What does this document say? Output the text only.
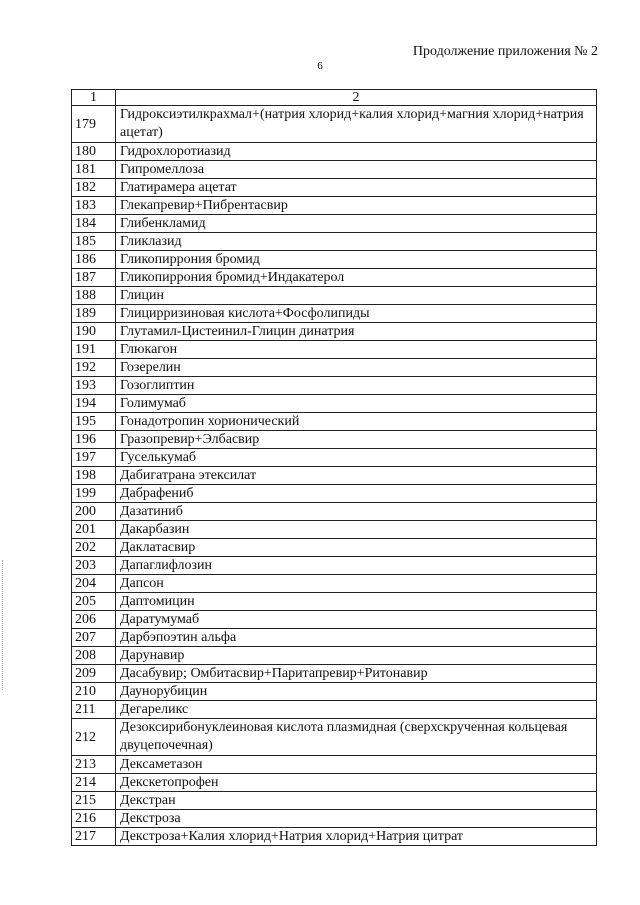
Продолжение приложения № 2
6
1	2
179	Гидроксиэтилкрахмал+(натрия хлорид+калия хлорид+магния хлорид+натрия ацетат)
180	Гидрохлоротиазид
181	Гипромеллоза
182	Глатирамера ацетат
183	Глекапревир+Пибрентасвир
184	Глибенкламид
185	Гликлазид
186	Гликопиррония бромид
187	Гликопиррония бромид+Индакатерол
188	Глицин
189	Глицирризиновая кислота+Фосфолипиды
190	Глутамил-Цистеинил-Глицин динатрия
191	Глюкагон
192	Гозерелин
193	Гозоглиптин
194	Голимумаб
195	Гонадотропин хорионический
196	Гразопревир+Элбасвир
197	Гуселькумаб
198	Дабигатрана этексилат
199	Дабрафениб
200	Дазатиниб
201	Дакарбазин
202	Даклатасвир
203	Дапаглифлозин
204	Дапсон
205	Даптомицин
206	Даратумумаб
207	Дарбэпоэтин альфа
208	Дарунавир
209	Дасабувир; Омбитасвир+Паритапревир+Ритонавир
210	Даунорубицин
211	Дегареликс
212	Дезоксирибонуклеиновая кислота плазмидная (сверхскрученная кольцевая двуцепочечная)
213	Дексаметазон
214	Декскетопрофен
215	Декстран
216	Декстроза
217	Декстроза+Калия хлорид+Натрия хлорид+Натрия цитрат
